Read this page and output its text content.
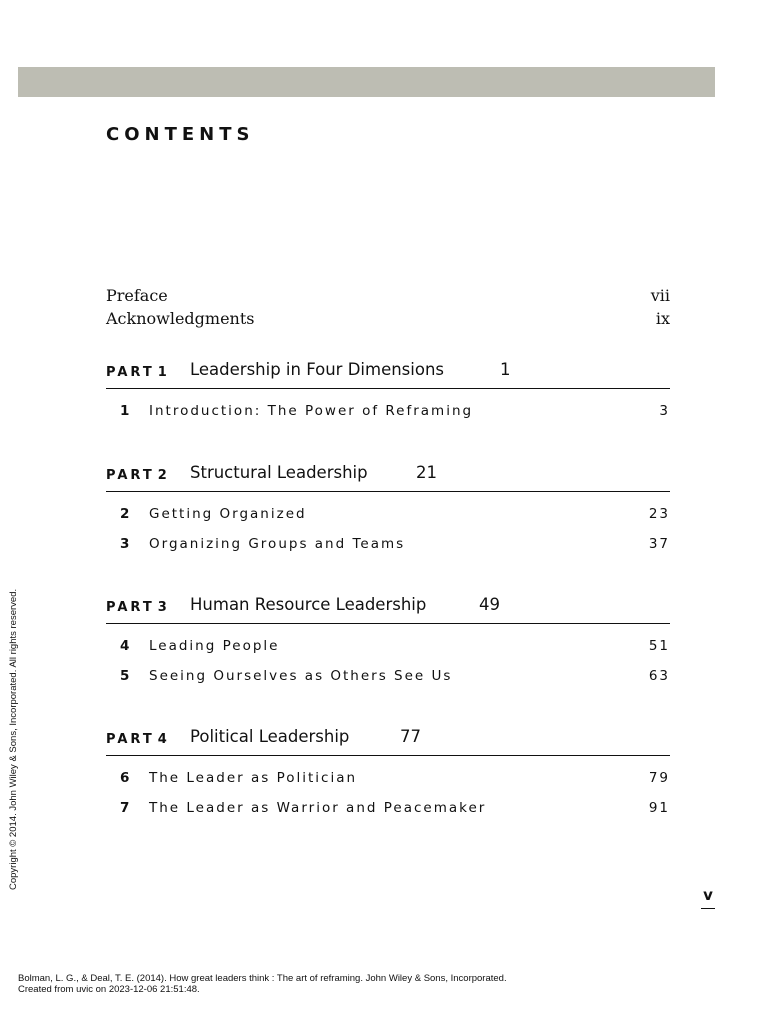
CONTENTS
Preface	vii
Acknowledgments	ix
PART 1 Leadership in Four Dimensions	1
1 Introduction: The Power of Reframing	3
PART 2 Structural Leadership	21
2 Getting Organized	23
3 Organizing Groups and Teams	37
PART 3 Human Resource Leadership	49
4 Leading People	51
5 Seeing Ourselves as Others See Us	63
PART 4 Political Leadership	77
6 The Leader as Politician	79
7 The Leader as Warrior and Peacemaker	91
v
Copyright © 2014. John Wiley & Sons, Incorporated. All rights reserved.
Bolman, L. G., & Deal, T. E. (2014). How great leaders think : The art of reframing. John Wiley & Sons, Incorporated.
Created from uvic on 2023-12-06 21:51:48.
